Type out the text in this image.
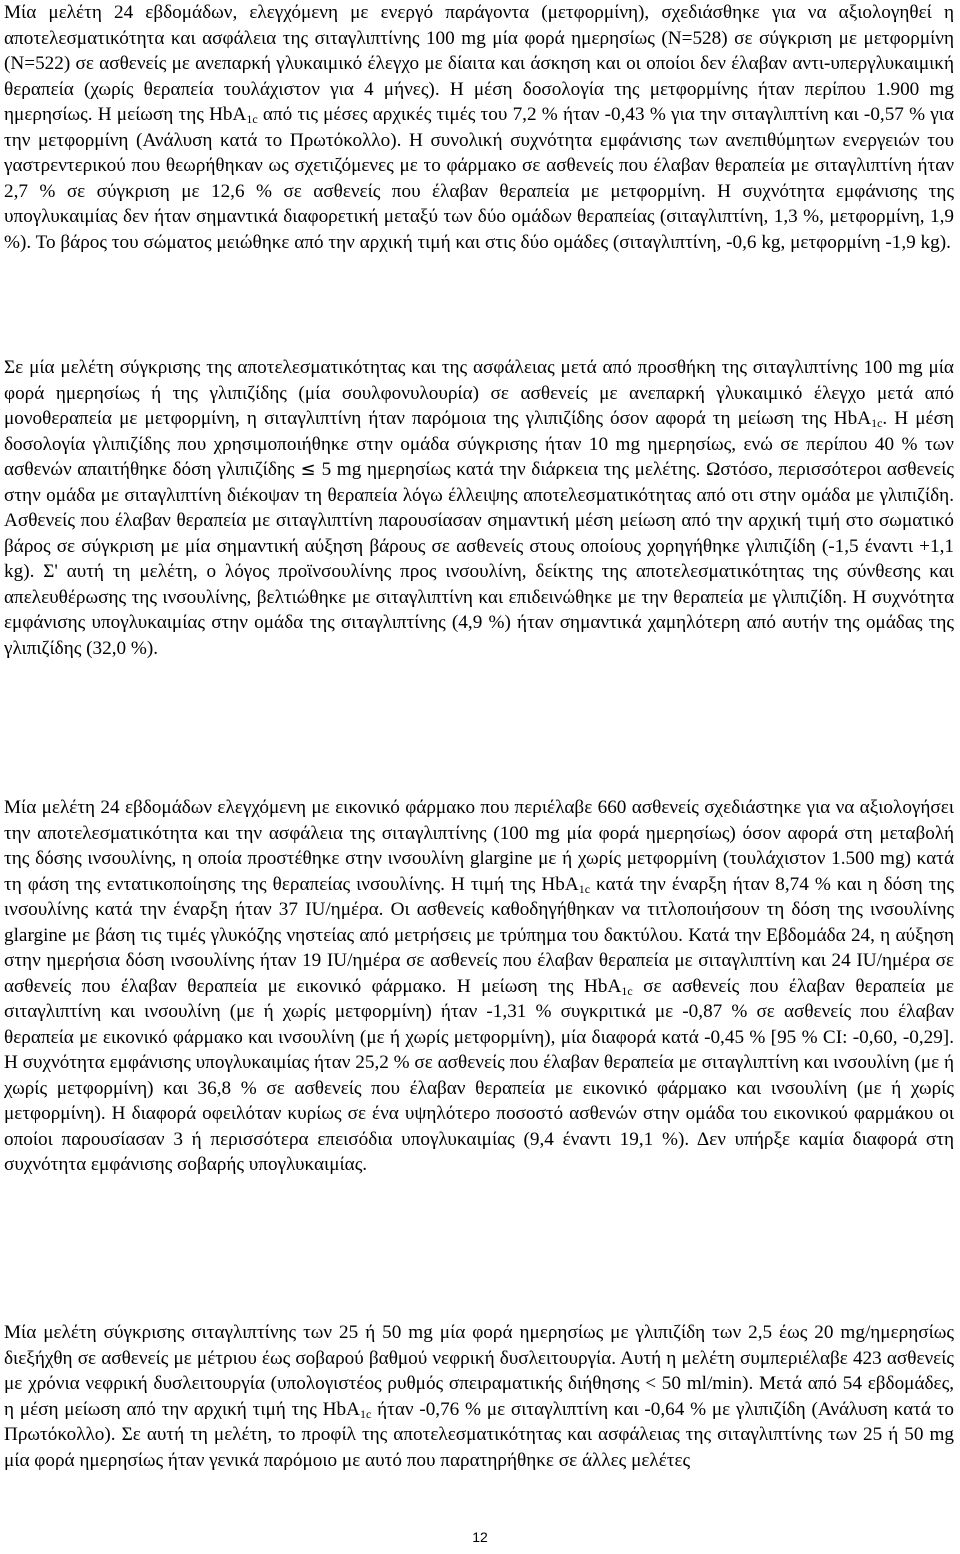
Μία μελέτη 24 εβδομάδων, ελεγχόμενη με ενεργό παράγοντα (μετφορμίνη), σχεδιάσθηκε για να αξιολογηθεί η αποτελεσματικότητα και ασφάλεια της σιταγλιπτίνης 100 mg μία φορά ημερησίως (N=528) σε σύγκριση με μετφορμίνη (N=522) σε ασθενείς με ανεπαρκή γλυκαιμικό έλεγχο με δίαιτα και άσκηση και οι οποίοι δεν έλαβαν αντι-υπεργλυκαιμική θεραπεία (χωρίς θεραπεία τουλάχιστον για 4 μήνες). Η μέση δοσολογία της μετφορμίνης ήταν περίπου 1.900 mg ημερησίως. Η μείωση της HbA$_{1c}$ από τις μέσες αρχικές τιμές του 7,2 % ήταν -0,43 % για την σιταγλιπτίνη και -0,57 % για την μετφορμίνη (Ανάλυση κατά το Πρωτόκολλο). Η συνολική συχνότητα εμφάνισης των ανεπιθύμητων ενεργειών του γαστρεντερικού που θεωρήθηκαν ως σχετιζόμενες με το φάρμακο σε ασθενείς που έλαβαν θεραπεία με σιταγλιπτίνη ήταν 2,7 % σε σύγκριση με 12,6 % σε ασθενείς που έλαβαν θεραπεία με μετφορμίνη. Η συχνότητα εμφάνισης της υπογλυκαιμίας δεν ήταν σημαντικά διαφορετική μεταξύ των δύο ομάδων θεραπείας (σιταγλιπτίνη, 1,3 %, μετφορμίνη, 1,9 %). Το βάρος του σώματος μειώθηκε από την αρχική τιμή και στις δύο ομάδες (σιταγλιπτίνη, -0,6 kg, μετφορμίνη -1,9 kg).

Σε μία μελέτη σύγκρισης της αποτελεσματικότητας και της ασφάλειας μετά από προσθήκη της σιταγλιπτίνης 100 mg μία φορά ημερησίως ή της γλιπιζίδης (μία σουλφονυλουρία) σε ασθενείς με ανεπαρκή γλυκαιμικό έλεγχο μετά από μονοθεραπεία με μετφορμίνη, η σιταγλιπτίνη ήταν παρόμοια της γλιπιζίδης όσον αφορά τη μείωση της HbA$_{1c}$. Η μέση δοσολογία γλιπιζίδης που χρησιμοποιήθηκε στην ομάδα σύγκρισης ήταν 10 mg ημερησίως, ενώ σε περίπου 40 % των ασθενών απαιτήθηκε δόση γλιπιζίδης ≤ 5 mg ημερησίως κατά την διάρκεια της μελέτης. Ωστόσο, περισσότεροι ασθενείς στην ομάδα με σιταγλιπτίνη διέκοψαν τη θεραπεία λόγω έλλειψης αποτελεσματικότητας από οτι στην ομάδα με γλιπιζίδη. Ασθενείς που έλαβαν θεραπεία με σιταγλιπτίνη παρουσίασαν σημαντική μέση μείωση από την αρχική τιμή στο σωματικό βάρος σε σύγκριση με μία σημαντική αύξηση βάρους σε ασθενείς στους οποίους χορηγήθηκε γλιπιζίδη (-1,5 έναντι +1,1 kg). Σ' αυτή τη μελέτη, ο λόγος προϊνσουλίνης προς ινσουλίνη, δείκτης της αποτελεσματικότητας της σύνθεσης και απελευθέρωσης της ινσουλίνης, βελτιώθηκε με σιταγλιπτίνη και επιδεινώθηκε με την θεραπεία με γλιπιζίδη. Η συχνότητα εμφάνισης υπογλυκαιμίας στην ομάδα της σιταγλιπτίνης (4,9 %) ήταν σημαντικά χαμηλότερη από αυτήν της ομάδας της γλιπιζίδης (32,0 %).

Μία μελέτη 24 εβδομάδων ελεγχόμενη με εικονικό φάρμακο που περιέλαβε 660 ασθενείς σχεδιάστηκε για να αξιολογήσει την αποτελεσματικότητα και την ασφάλεια της σιταγλιπτίνης (100 mg μία φορά ημερησίως) όσον αφορά στη μεταβολή της δόσης ινσουλίνης, η οποία προστέθηκε στην ινσουλίνη glargine με ή χωρίς μετφορμίνη (τουλάχιστον 1.500 mg) κατά τη φάση της εντατικοποίησης της θεραπείας ινσουλίνης. Η τιμή της HbA$_{1c}$ κατά την έναρξη ήταν 8,74 % και η δόση της ινσουλίνης κατά την έναρξη ήταν 37 IU/ημέρα. Οι ασθενείς καθοδηγήθηκαν να τιτλοποιήσουν τη δόση της ινσουλίνης glargine με βάση τις τιμές γλυκόζης νηστείας από μετρήσεις με τρύπημα του δακτύλου. Κατά την Εβδομάδα 24, η αύξηση στην ημερήσια δόση ινσουλίνης ήταν 19 IU/ημέρα σε ασθενείς που έλαβαν θεραπεία με σιταγλιπτίνη και 24 IU/ημέρα σε ασθενείς που έλαβαν θεραπεία με εικονικό φάρμακο. Η μείωση της HbA$_{1c}$ σε ασθενείς που έλαβαν θεραπεία με σιταγλιπτίνη και ινσουλίνη (με ή χωρίς μετφορμίνη) ήταν -1,31 % συγκριτικά με -0,87 % σε ασθενείς που έλαβαν θεραπεία με εικονικό φάρμακο και ινσουλίνη (με ή χωρίς μετφορμίνη), μία διαφορά κατά -0,45 % [95 % CI: -0,60, -0,29]. Η συχνότητα εμφάνισης υπογλυκαιμίας ήταν 25,2 % σε ασθενείς που έλαβαν θεραπεία με σιταγλιπτίνη και ινσουλίνη (με ή χωρίς μετφορμίνη) και 36,8 % σε ασθενείς που έλαβαν θεραπεία με εικονικό φάρμακο και ινσουλίνη (με ή χωρίς μετφορμίνη). Η διαφορά οφειλόταν κυρίως σε ένα υψηλότερο ποσοστό ασθενών στην ομάδα του εικονικού φαρμάκου οι οποίοι παρουσίασαν 3 ή περισσότερα επεισόδια υπογλυκαιμίας (9,4 έναντι 19,1 %). Δεν υπήρξε καμία διαφορά στη συχνότητα εμφάνισης σοβαρής υπογλυκαιμίας.

Μία μελέτη σύγκρισης σιταγλιπτίνης των 25 ή 50 mg μία φορά ημερησίως με γλιπιζίδη των 2,5 έως 20 mg/ημερησίως διεξήχθη σε ασθενείς με μέτριου έως σοβαρού βαθμού νεφρική δυσλειτουργία. Αυτή η μελέτη συμπεριέλαβε 423 ασθενείς με χρόνια νεφρική δυσλειτουργία (υπολογιστέος ρυθμός σπειραματικής διήθησης < 50 ml/min). Μετά από 54 εβδομάδες, η μέση μείωση από την αρχική τιμή της HbA$_{1c}$ ήταν -0,76 % με σιταγλιπτίνη και -0,64 % με γλιπιζίδη (Ανάλυση κατά το Πρωτόκολλο). Σε αυτή τη μελέτη, το προφίλ της αποτελεσματικότητας και ασφάλειας της σιταγλιπτίνης των 25 ή 50 mg μία φορά ημερησίως ήταν γενικά παρόμοιο με αυτό που παρατηρήθηκε σε άλλες μελέτες

12
